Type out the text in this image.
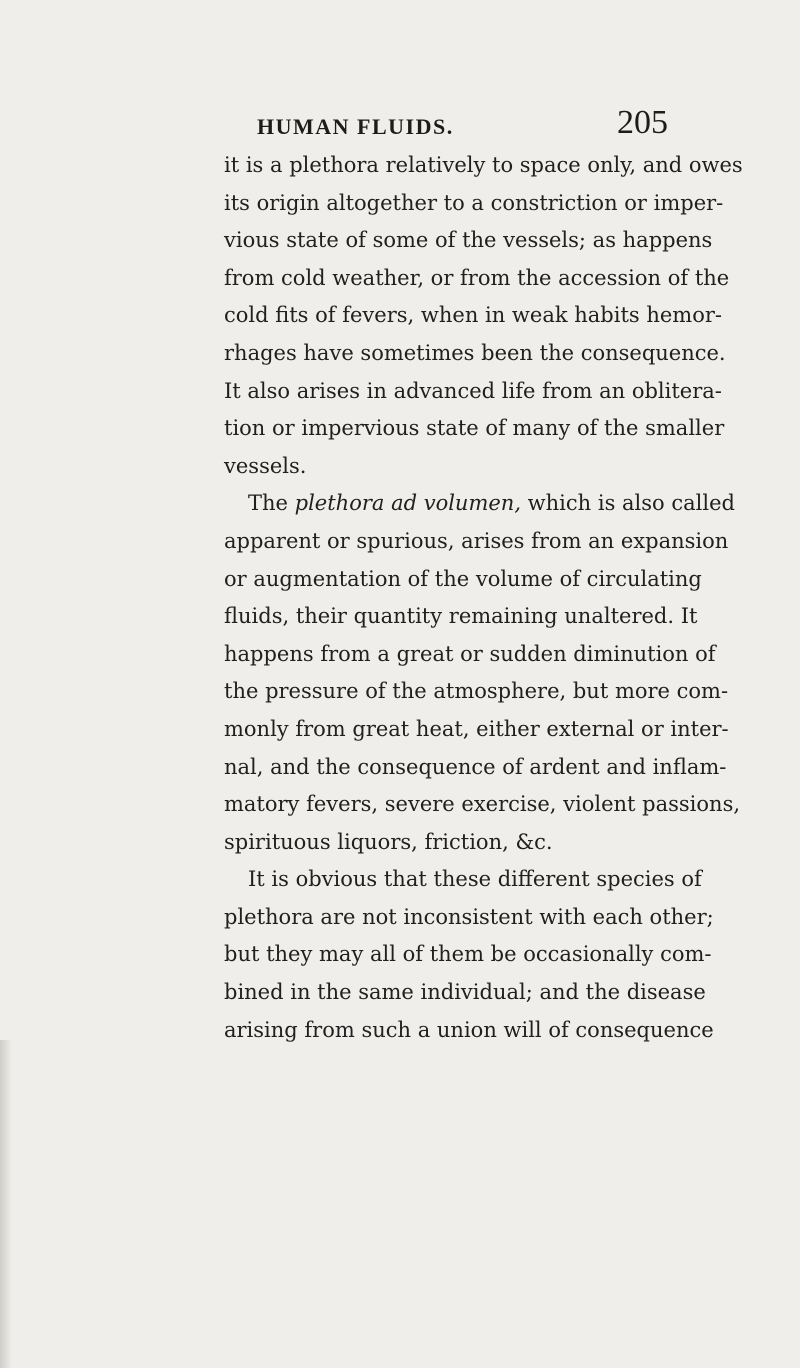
HUMAN FLUIDS.	205
it is a plethora relatively to space only, and owes
its origin altogether to a constriction or imper-
vious state of some of the vessels; as happens
from cold weather, or from the accession of the
cold fits of fevers, when in weak habits hemor-
rhages have sometimes been the consequence.
It also arises in advanced life from an oblitera-
tion or impervious state of many of the smaller
vessels.
The plethora ad volumen, which is also called
apparent or spurious, arises from an expansion
or augmentation of the volume of circulating
fluids, their quantity remaining unaltered. It
happens from a great or sudden diminution of
the pressure of the atmosphere, but more com-
monly from great heat, either external or inter-
nal, and the consequence of ardent and inflam-
matory fevers, severe exercise, violent passions,
spirituous liquors, friction, &c.
It is obvious that these different species of
plethora are not inconsistent with each other;
but they may all of them be occasionally com-
bined in the same individual; and the disease
arising from such a union will of consequence
